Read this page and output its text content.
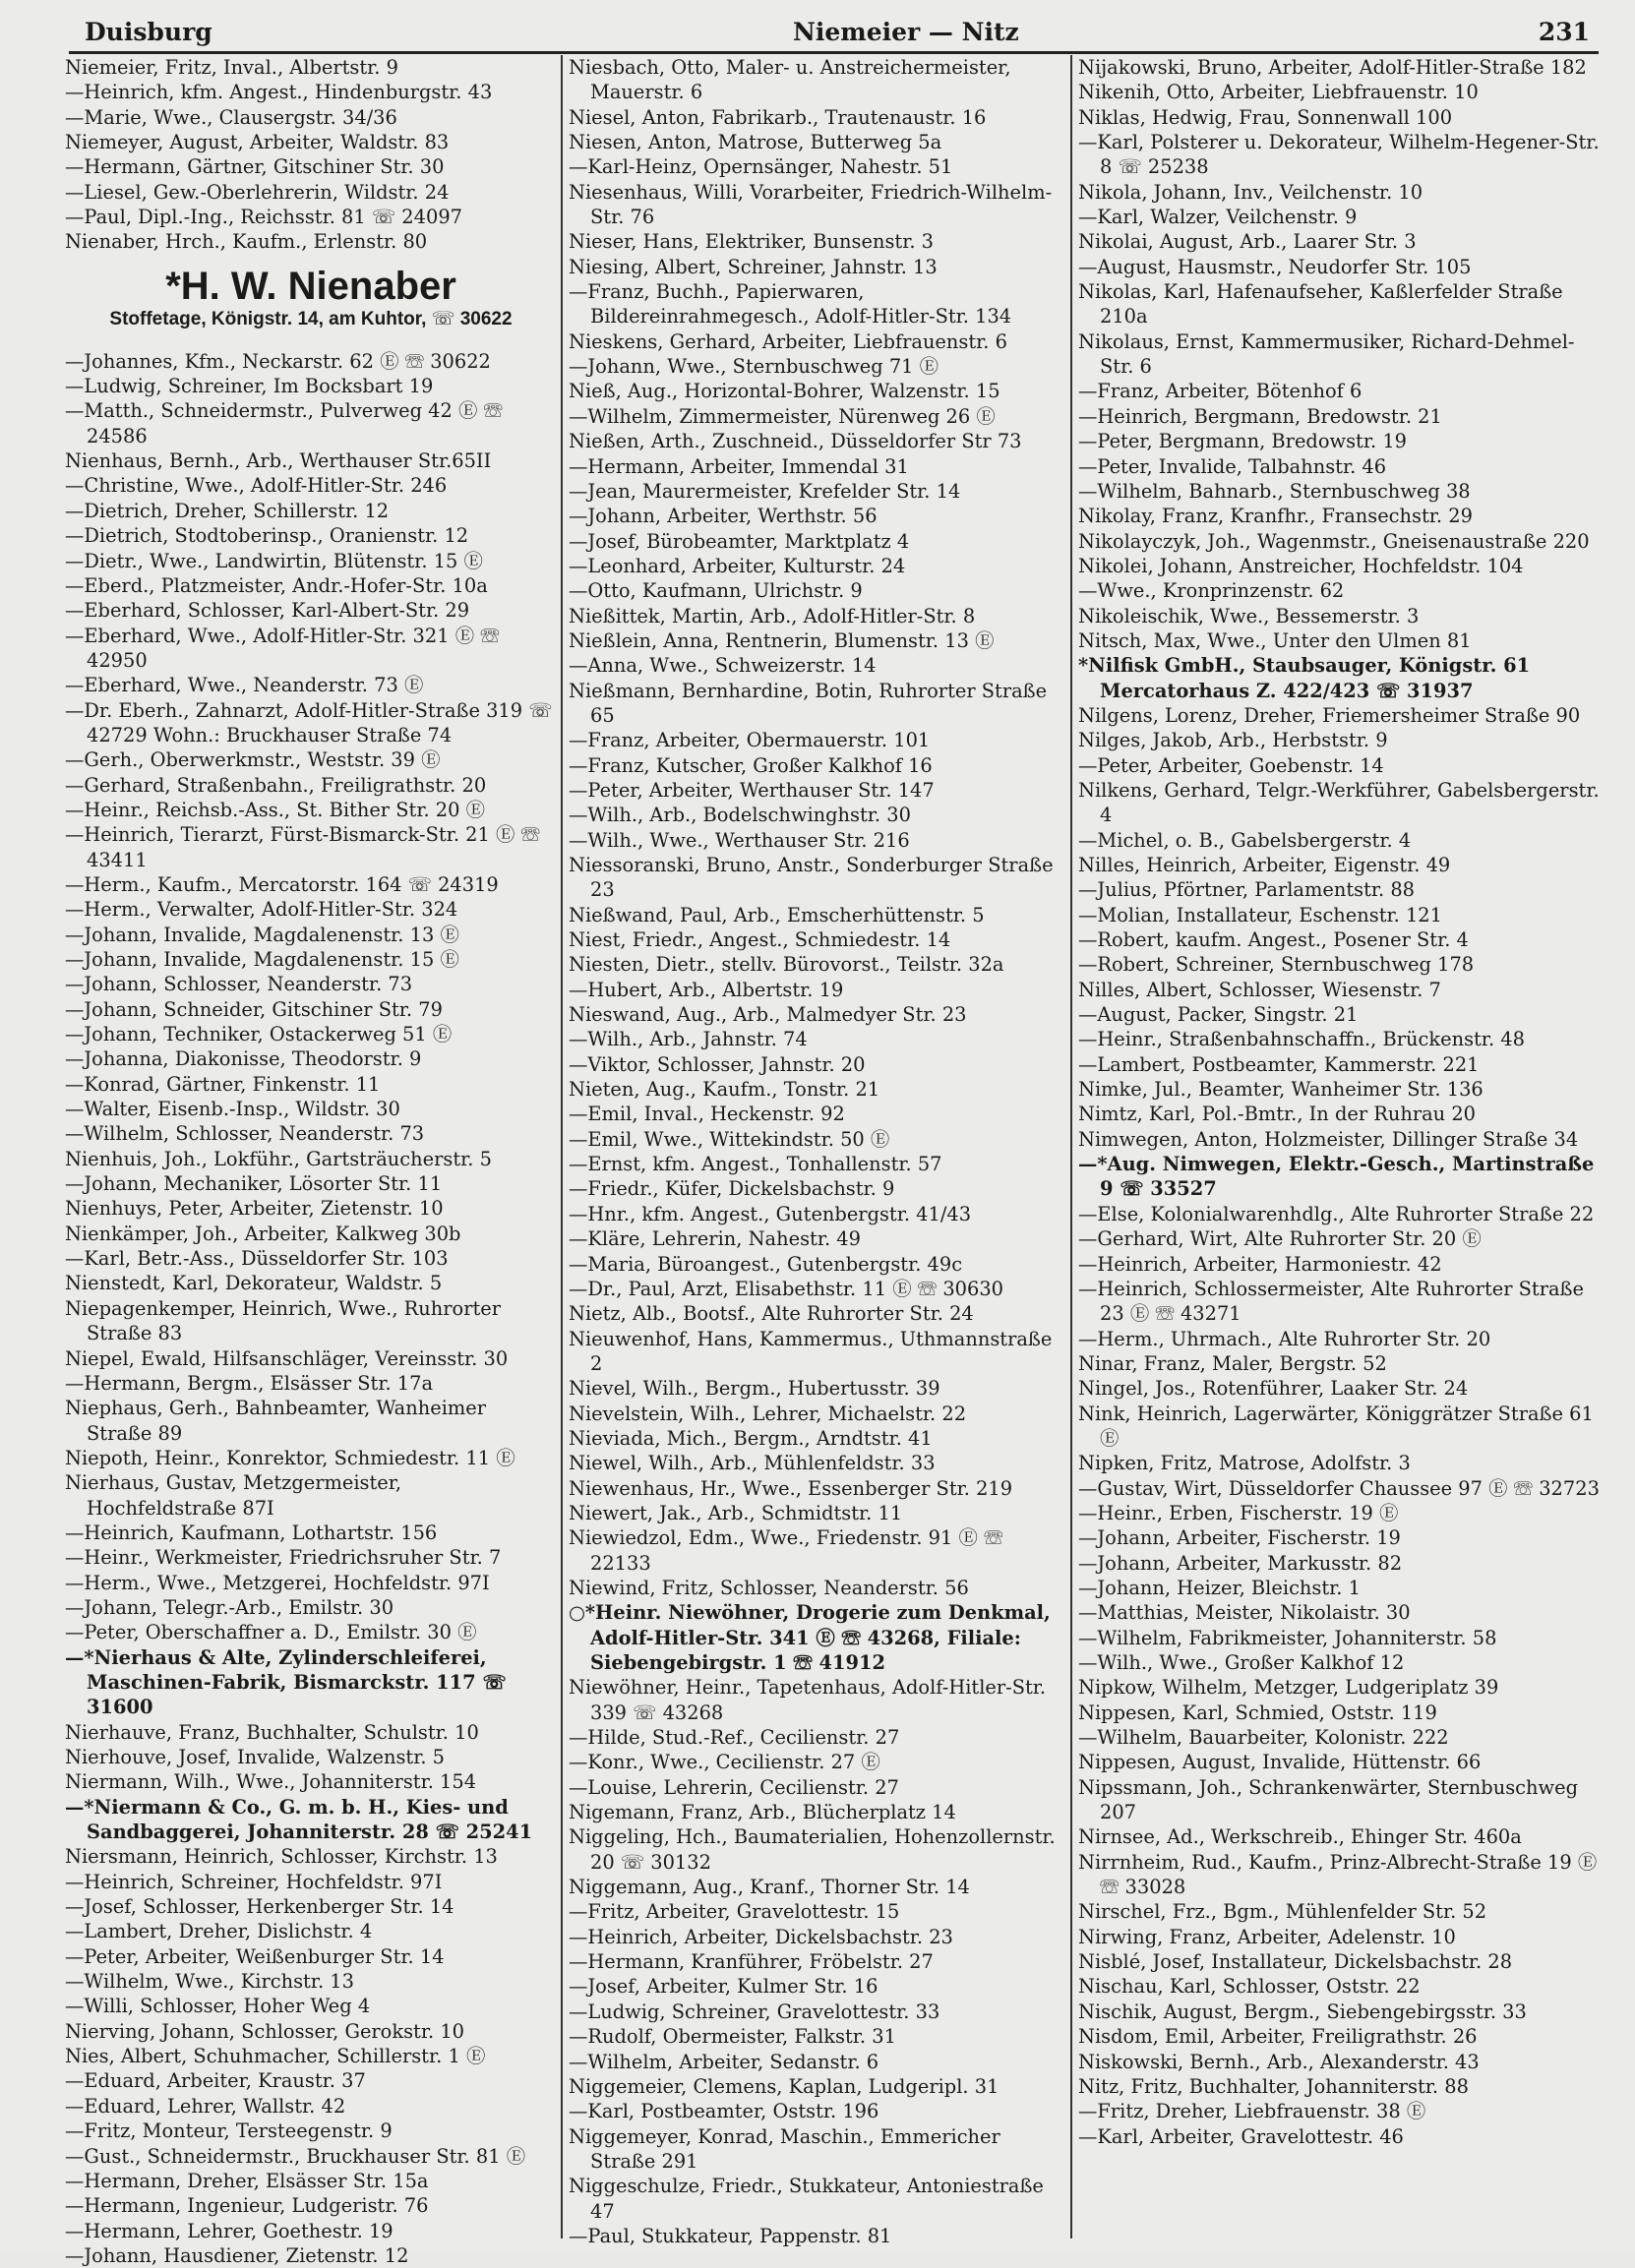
Duisburg	Niemeier — Nitz	231
Niemeier, Fritz, Inval., Albertstr. 9
—Heinrich, kfm. Angest., Hindenburgstr. 43
—Marie, Wwe., Clausergstr. 34/36
Niemeyer, August, Arbeiter, Waldstr. 83
—Hermann, Gärtner, Gitschiner Str. 30
—Liesel, Gew.-Oberlehrerin, Wildstr. 24
—Paul, Dipl.-Ing., Reichsstr. 81 ☏ 24097
Nienaber, Hrch., Kaufm., Erlenstr. 80
*H. W. Nienaber
Stoffetage, Königstr. 14, am Kuhtor, ☏ 30622
—Johannes, Kfm., Neckarstr. 62 Ⓔ ☏ 30622
—Ludwig, Schreiner, Im Bocksbart 19
—Matth., Schneidermstr., Pulverweg 42 Ⓔ ☏ 24586
Nienhaus, Bernh., Arb., Werthauser Str.65II
—Christine, Wwe., Adolf-Hitler-Str. 246
—Dietrich, Dreher, Schillerstr. 12
—Dietrich, Stodtoberinsp., Oranienstr. 12
—Dietr., Wwe., Landwirtin, Blütenstr. 15 Ⓔ
—Eberd., Platzmeister, Andr.-Hofer-Str. 10a
—Eberhard, Schlosser, Karl-Albert-Str. 29
—Eberhard, Wwe., Adolf-Hitler-Str. 321 Ⓔ ☏ 42950
—Eberhard, Wwe., Neanderstr. 73 Ⓔ
—Dr. Eberh., Zahnarzt, Adolf-Hitler-Straße 319 ☏ 42729 Wohn.: Bruckhauser Straße 74
—Gerh., Oberwerkmstr., Weststr. 39 Ⓔ
—Gerhard, Straßenbahn., Freiligrathstr. 20
—Heinr., Reichsb.-Ass., St. Bither Str. 20 Ⓔ
—Heinrich, Tierarzt, Fürst-Bismarck-Str. 21 Ⓔ ☏ 43411
—Herm., Kaufm., Mercatorstr. 164 ☏ 24319
—Herm., Verwalter, Adolf-Hitler-Str. 324
—Johann, Invalide, Magdalenenstr. 13 Ⓔ
—Johann, Invalide, Magdalenenstr. 15 Ⓔ
—Johann, Schlosser, Neanderstr. 73
—Johann, Schneider, Gitschiner Str. 79
—Johann, Techniker, Ostackerweg 51 Ⓔ
—Johanna, Diakonisse, Theodorstr. 9
—Konrad, Gärtner, Finkenstr. 11
—Walter, Eisenb.-Insp., Wildstr. 30
—Wilhelm, Schlosser, Neanderstr. 73
Nienhuis, Joh., Lokführ., Gartsträucherstr. 5
—Johann, Mechaniker, Lösorter Str. 11
Nienhuys, Peter, Arbeiter, Zietenstr. 10
Nienkämper, Joh., Arbeiter, Kalkweg 30b
—Karl, Betr.-Ass., Düsseldorfer Str. 103
Nienstedt, Karl, Dekorateur, Waldstr. 5
Niepagenkemper, Heinrich, Wwe., Ruhrorter Straße 83
Niepel, Ewald, Hilfsanschläger, Vereinsstr. 30
—Hermann, Bergm., Elsässer Str. 17a
Niephaus, Gerh., Bahnbeamter, Wanheimer Straße 89
Niepoth, Heinr., Konrektor, Schmiedestr. 11 Ⓔ
Nierhaus, Gustav, Metzgermeister, Hochfeldstraße 87I
—Heinrich, Kaufmann, Lothartstr. 156
—Heinr., Werkmeister, Friedrichsruher Str. 7
—Herm., Wwe., Metzgerei, Hochfeldstr. 97I
—Johann, Telegr.-Arb., Emilstr. 30
—Peter, Oberschaffner a. D., Emilstr. 30 Ⓔ
—*Nierhaus & Alte, Zylinderschleiferei, Maschinen-Fabrik, Bismarckstr. 117 ☏ 31600
Nierhauve, Franz, Buchhalter, Schulstr. 10
Nierhouve, Josef, Invalide, Walzenstr. 5
Niermann, Wilh., Wwe., Johanniterstr. 154
—*Niermann & Co., G. m. b. H., Kies- und Sandbaggerei, Johanniterstr. 28 ☏ 25241
Niersmann, Heinrich, Schlosser, Kirchstr. 13
—Heinrich, Schreiner, Hochfeldstr. 97I
—Josef, Schlosser, Herkenberger Str. 14
—Lambert, Dreher, Dislichstr. 4
—Peter, Arbeiter, Weißenburger Str. 14
—Wilhelm, Wwe., Kirchstr. 13
—Willi, Schlosser, Hoher Weg 4
Nierving, Johann, Schlosser, Gerokstr. 10
Nies, Albert, Schuhmacher, Schillerstr. 1 Ⓔ
—Eduard, Arbeiter, Kraustr. 37
—Eduard, Lehrer, Wallstr. 42
—Fritz, Monteur, Tersteegenstr. 9
—Gust., Schneidermstr., Bruckhauser Str. 81 Ⓔ
—Hermann, Dreher, Elsässer Str. 15a
—Hermann, Ingenieur, Ludgeristr. 76
—Hermann, Lehrer, Goethestr. 19
—Johann, Hausdiener, Zietenstr. 12
Niesbach, Otto, Maler- u. Anstreichermeister, Mauerstr. 6
Niesel, Anton, Fabrikarb., Trautenaustr. 16
Niesen, Anton, Matrose, Butterweg 5a
—Karl-Heinz, Opernsänger, Nahestr. 51
Niesenhaus, Willi, Vorarbeiter, Friedrich-Wilhelm-Str. 76
Nieser, Hans, Elektriker, Bunsenstr. 3
Niesing, Albert, Schreiner, Jahnstr. 13
—Franz, Buchh., Papierwaren, Bildereinrahmegesch., Adolf-Hitler-Str. 134
Nieskens, Gerhard, Arbeiter, Liebfrauenstr. 6
—Johann, Wwe., Sternbuschweg 71 Ⓔ
Nieß, Aug., Horizontal-Bohrer, Walzenstr. 15
—Wilhelm, Zimmermeister, Nürenweg 26 Ⓔ
Nießen, Arth., Zuschneid., Düsseldorfer Str 73
—Hermann, Arbeiter, Immendal 31
—Jean, Maurermeister, Krefelder Str. 14
—Johann, Arbeiter, Werthstr. 56
—Josef, Bürobeamter, Marktplatz 4
—Leonhard, Arbeiter, Kulturstr. 24
—Otto, Kaufmann, Ulrichstr. 9
Nießittek, Martin, Arb., Adolf-Hitler-Str. 8
Nießlein, Anna, Rentnerin, Blumenstr. 13 Ⓔ
—Anna, Wwe., Schweizerstr. 14
Nießmann, Bernhardine, Botin, Ruhrorter Straße 65
—Franz, Arbeiter, Obermauerstr. 101
—Franz, Kutscher, Großer Kalkhof 16
—Peter, Arbeiter, Werthauser Str. 147
—Wilh., Arb., Bodelschwinghstr. 30
—Wilh., Wwe., Werthauser Str. 216
Niessoranski, Bruno, Anstr., Sonderburger Straße 23
Nießwand, Paul, Arb., Emscherhüttenstr. 5
Niest, Friedr., Angest., Schmiedestr. 14
Niesten, Dietr., stellv. Bürovorst., Teilstr. 32a
—Hubert, Arb., Albertstr. 19
Nieswand, Aug., Arb., Malmedyer Str. 23
—Wilh., Arb., Jahnstr. 74
—Viktor, Schlosser, Jahnstr. 20
Nieten, Aug., Kaufm., Tonstr. 21
—Emil, Inval., Heckenstr. 92
—Emil, Wwe., Wittekindstr. 50 Ⓔ
—Ernst, kfm. Angest., Tonhallenstr. 57
—Friedr., Küfer, Dickelsbachstr. 9
—Hnr., kfm. Angest., Gutenbergstr. 41/43
—Kläre, Lehrerin, Nahestr. 49
—Maria, Büroangest., Gutenbergstr. 49c
—Dr., Paul, Arzt, Elisabethstr. 11 Ⓔ ☏ 30630
Nietz, Alb., Bootsf., Alte Ruhrorter Str. 24
Nieuwenhof, Hans, Kammermus., Uthmannstraße 2
Nievel, Wilh., Bergm., Hubertusstr. 39
Nievelstein, Wilh., Lehrer, Michaelstr. 22
Nieviada, Mich., Bergm., Arndtstr. 41
Niewel, Wilh., Arb., Mühlenfeldstr. 33
Niewenhaus, Hr., Wwe., Essenberger Str. 219
Niewert, Jak., Arb., Schmidtstr. 11
Niewiedzol, Edm., Wwe., Friedenstr. 91 Ⓔ ☏ 22133
Niewind, Fritz, Schlosser, Neanderstr. 56
○*Heinr. Niewöhner, Drogerie zum Denkmal, Adolf-Hitler-Str. 341 Ⓔ ☏ 43268, Filiale: Siebengebirgstr. 1 ☏ 41912
Niewöhner, Heinr., Tapetenhaus, Adolf-Hitler-Str. 339 ☏ 43268
—Hilde, Stud.-Ref., Cecilienstr. 27
—Konr., Wwe., Cecilienstr. 27 Ⓔ
—Louise, Lehrerin, Cecilienstr. 27
Nigemann, Franz, Arb., Blücherplatz 14
Niggeling, Hch., Baumaterialien, Hohenzollernstr. 20 ☏ 30132
Niggemann, Aug., Kranf., Thorner Str. 14
—Fritz, Arbeiter, Gravelottestr. 15
—Heinrich, Arbeiter, Dickelsbachstr. 23
—Hermann, Kranführer, Fröbelstr. 27
—Josef, Arbeiter, Kulmer Str. 16
—Ludwig, Schreiner, Gravelottestr. 33
—Rudolf, Obermeister, Falkstr. 31
—Wilhelm, Arbeiter, Sedanstr. 6
Niggemeier, Clemens, Kaplan, Ludgeripl. 31
—Karl, Postbeamter, Oststr. 196
Niggemeyer, Konrad, Maschin., Emmericher Straße 291
Niggeschulze, Friedr., Stukkateur, Antoniestraße 47
—Paul, Stukkateur, Pappenstr. 81
Nijakowski, Bruno, Arbeiter, Adolf-Hitler-Straße 182
Nikenih, Otto, Arbeiter, Liebfrauenstr. 10
Niklas, Hedwig, Frau, Sonnenwall 100
—Karl, Polsterer u. Dekorateur, Wilhelm-Hegener-Str. 8 ☏ 25238
Nikola, Johann, Inv., Veilchenstr. 10
—Karl, Walzer, Veilchenstr. 9
Nikolai, August, Arb., Laarer Str. 3
—August, Hausmstr., Neudorfer Str. 105
Nikolas, Karl, Hafenaufseher, Kaßlerfelder Straße 210a
Nikolaus, Ernst, Kammermusiker, Richard-Dehmel-Str. 6
—Franz, Arbeiter, Bötenhof 6
—Heinrich, Bergmann, Bredowstr. 21
—Peter, Bergmann, Bredowstr. 19
—Peter, Invalide, Talbahnstr. 46
—Wilhelm, Bahnarb., Sternbuschweg 38
Nikolay, Franz, Kranfhr., Fransechstr. 29
Nikolayczyk, Joh., Wagenmstr., Gneisenaustraße 220
Nikolei, Johann, Anstreicher, Hochfeldstr. 104
—Wwe., Kronprinzenstr. 62
Nikoleischik, Wwe., Bessemerstr. 3
Nitsch, Max, Wwe., Unter den Ulmen 81
*Nilfisk GmbH., Staubsauger, Königstr. 61 Mercatorhaus Z. 422/423 ☏ 31937
Nilgens, Lorenz, Dreher, Friemersheimer Straße 90
Nilges, Jakob, Arb., Herbststr. 9
—Peter, Arbeiter, Goebenstr. 14
Nilkens, Gerhard, Telgr.-Werkführer, Gabelsbergerstr. 4
—Michel, o. B., Gabelsbergerstr. 4
Nilles, Heinrich, Arbeiter, Eigenstr. 49
—Julius, Pförtner, Parlamentstr. 88
—Molian, Installateur, Eschenstr. 121
—Robert, kaufm. Angest., Posener Str. 4
—Robert, Schreiner, Sternbuschweg 178
Nilles, Albert, Schlosser, Wiesenstr. 7
—August, Packer, Singstr. 21
—Heinr., Straßenbahnschaffn., Brückenstr. 48
—Lambert, Postbeamter, Kammerstr. 221
Nimke, Jul., Beamter, Wanheimer Str. 136
Nimtz, Karl, Pol.-Bmtr., In der Ruhrau 20
Nimwegen, Anton, Holzmeister, Dillinger Straße 34
—*Aug. Nimwegen, Elektr.-Gesch., Martinstraße 9 ☏ 33527
—Else, Kolonialwarenhdlg., Alte Ruhrorter Straße 22
—Gerhard, Wirt, Alte Ruhrorter Str. 20 Ⓔ
—Heinrich, Arbeiter, Harmoniestr. 42
—Heinrich, Schlossermeister, Alte Ruhrorter Straße 23 Ⓔ ☏ 43271
—Herm., Uhrmach., Alte Ruhrorter Str. 20
Ninar, Franz, Maler, Bergstr. 52
Ningel, Jos., Rotenführer, Laaker Str. 24
Nink, Heinrich, Lagerwärter, Königgrätzer Straße 61 Ⓔ
Nipken, Fritz, Matrose, Adolfstr. 3
—Gustav, Wirt, Düsseldorfer Chaussee 97 Ⓔ ☏ 32723
—Heinr., Erben, Fischerstr. 19 Ⓔ
—Johann, Arbeiter, Fischerstr. 19
—Johann, Arbeiter, Markusstr. 82
—Johann, Heizer, Bleichstr. 1
—Matthias, Meister, Nikolaistr. 30
—Wilhelm, Fabrikmeister, Johanniterstr. 58
—Wilh., Wwe., Großer Kalkhof 12
Nipkow, Wilhelm, Metzger, Ludgeriplatz 39
Nippesen, Karl, Schmied, Oststr. 119
—Wilhelm, Bauarbeiter, Kolonistr. 222
Nippesen, August, Invalide, Hüttenstr. 66
Nipssmann, Joh., Schrankenwärter, Sternbuschweg 207
Nirnsee, Ad., Werkschreib., Ehinger Str. 460a
Nirrnheim, Rud., Kaufm., Prinz-Albrecht-Straße 19 Ⓔ ☏ 33028
Nirschel, Frz., Bgm., Mühlenfelder Str. 52
Nirwing, Franz, Arbeiter, Adelenstr. 10
Nisblé, Josef, Installateur, Dickelsbachstr. 28
Nischau, Karl, Schlosser, Oststr. 22
Nischik, August, Bergm., Siebengebirgsstr. 33
Nisdom, Emil, Arbeiter, Freiligrathstr. 26
Niskowski, Bernh., Arb., Alexanderstr. 43
Nitz, Fritz, Buchhalter, Johanniterstr. 88
—Fritz, Dreher, Liebfrauenstr. 38 Ⓔ
—Karl, Arbeiter, Gravelottestr. 46
